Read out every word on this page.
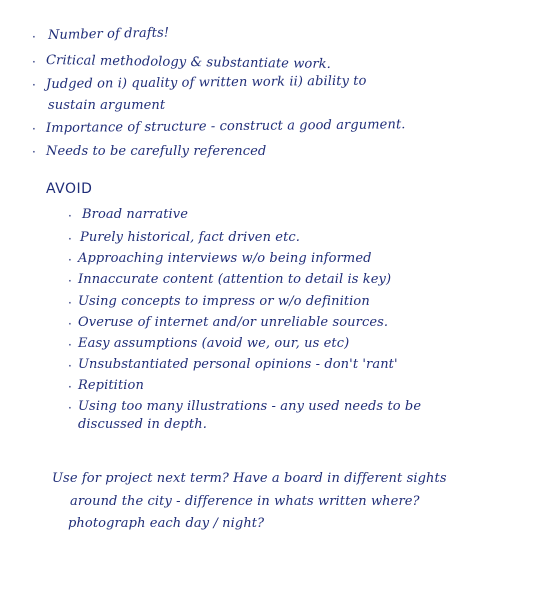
· Number of drafts!
· Critical methodology & substantiate work.
· Judged on i) quality of written work ii) ability to
sustain argument
· Importance of structure - construct a good argument.
· Needs to be carefully referenced
AVOID
· Broad narrative
· Purely historical, fact driven etc.
· Approaching interviews w/o being informed
· Innaccurate content (attention to detail is key)
· Using concepts to impress or w/o definition
· Overuse of internet and/or unreliable sources.
· Easy assumptions (avoid we, our, us etc)
· Unsubstantiated personal opinions - don't 'rant'
· Repitition
· Using too many illustrations - any used needs to be
discussed in depth.
Use for project next term? Have a board in different sights
around the city - difference in whats written where?
photograph each day / night?
